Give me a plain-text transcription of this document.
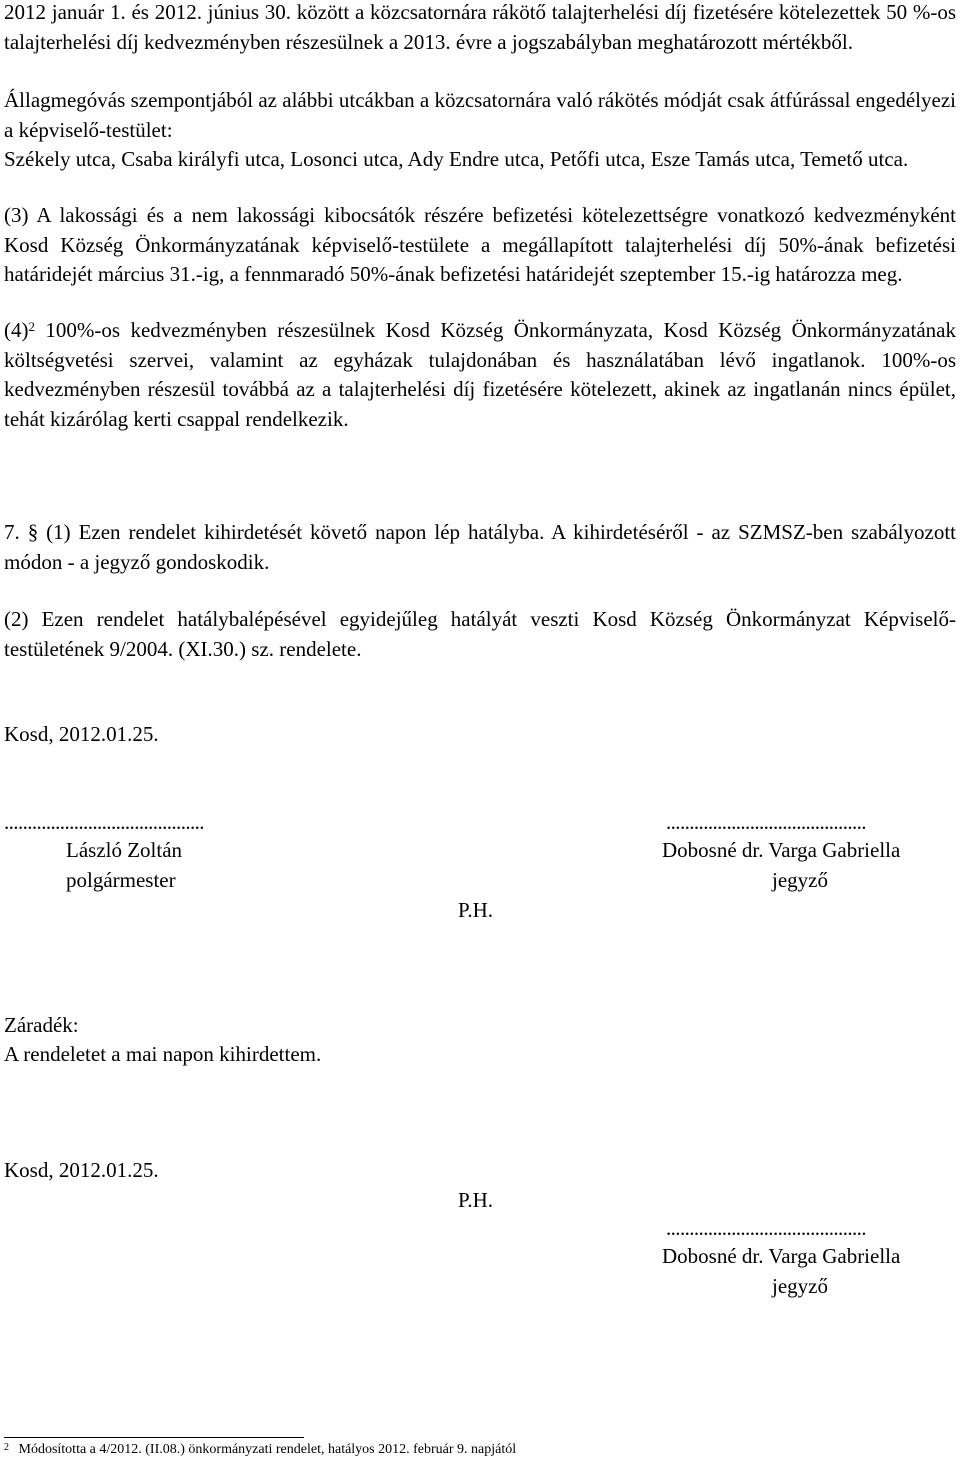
2012 január 1. és 2012. június 30. között a közcsatornára rákötő talajterhelési díj fizetésére kötelezettek 50 %-os talajterhelési díj kedvezményben részesülnek a 2013. évre a jogszabályban meghatározott mértékből.

Állagmegóvás szempontjából az alábbi utcákban a közcsatornára való rákötés módját csak átfúrással engedélyezi a képviselő-testület:

Székely utca, Csaba királyfi utca, Losonci utca, Ady Endre utca, Petőfi utca, Esze Tamás utca, Temető utca.

(3) A lakossági és a nem lakossági kibocsátók részére befizetési kötelezettségre vonatkozó kedvezményként Kosd Község Önkormányzatának képviselő-testülete a megállapított talajterhelési díj 50%-ának befizetési határidejét március 31.-ig, a fennmaradó 50%-ának befizetési határidejét szeptember 15.-ig határozza meg.

$(4)^2$ 100%-os kedvezményben részesülnek Kosd Község Önkormányzata, Kosd Község Önkormányzatának költségvetési szervei, valamint az egyházak tulajdonában és használatában lévő ingatlanok. 100%-os kedvezményben részesül továbbá az a talajterhelési díj fizetésére kötelezett, akinek az ingatlanán nincs épület, tehát kizárólag kerti csappal rendelkezik.

7. § (1) Ezen rendelet kihirdetését követő napon lép hatályba. A kihirdetéséről - az SZMSZ-ben szabályozott módon - a jegyző gondoskodik.

(2) Ezen rendelet hatálybalépésével egyidejűleg hatályát veszti Kosd Község Önkormányzat Képviselő-testületének 9/2004. (XI.30.) sz. rendelete.

Kosd, 2012.01.25.

...........................................

László Zoltán

polgármester

P.H.

...........................................

Dobosné dr. Varga Gabriella

jegyző

Záradék:

A rendeletet a mai napon kihirdettem.

Kosd, 2012.01.25.

P.H.

...........................................

Dobosné dr. Varga Gabriella

jegyző

$^2$ Módosította a 4/2012. (II.08.) önkormányzati rendelet, hatályos 2012. február 9. napjától
